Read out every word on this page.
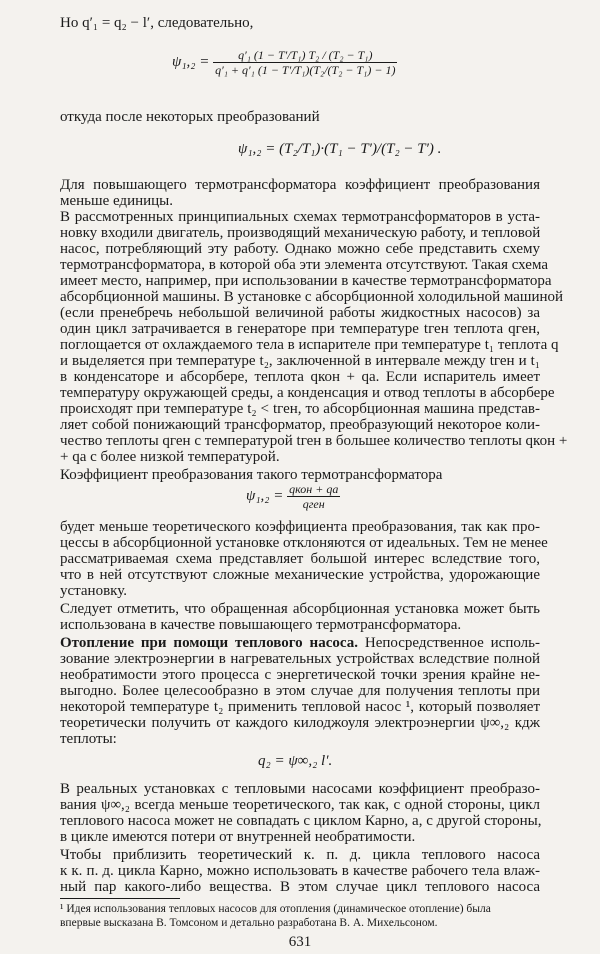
Но q′₁ = q₂ − l′, следовательно,
$\psi_1,_2 = \frac{\text{q′₁ (1 − T′/T₁) T₂ / (T₂ − T₁)}}{\text{q′₁ + q′₁ (1 − T′/T₁)(T₂/(T₂ − T₁) − 1)}}$
откуда после некоторых преобразований
ψ₁,₂ = (T₂/T₁)·(T₁ − T′)/(T₂ − T′) .
Для повышающего термотрансформатора коэффициент преобразования
меньше единицы.
В рассмотренных принципиальных схемах термотрансформаторов в уста-
новку входили двигатель, производящий механическую работу, и тепловой
насос, потребляющий эту работу. Однако можно себе представить схему
термотрансформатора, в которой оба эти элемента отсутствуют. Такая схема
имеет место, например, при использовании в качестве термотрансформатора
абсорбционной машины. В установке с абсорбционной холодильной машиной
(если пренебречь небольшой величиной работы жидкостных насосов) за
один цикл затрачивается в генераторе при температуре tген теплота qген,
поглощается от охлаждаемого тела в испарителе при температуре t₁ теплота q
и выделяется при температуре t₂, заключенной в интервале между tген и t₁
в конденсаторе и абсорбере, теплота qкон + qа. Если испаритель имеет
температуру окружающей среды, а конденсация и отвод теплоты в абсорбере
происходят при температуре t₂ < tген, то абсорбционная машина представ-
ляет собой понижающий трансформатор, преобразующий некоторое коли-
чество теплоты qген с температурой tген в большее количество теплоты qкон +
+ qа с более низкой температурой.
Коэффициент преобразования такого термотрансформатора
$\psi_1,_2 = \frac{\text{qкон + qа}}{\text{qген}}$
будет меньше теоретического коэффициента преобразования, так как про-
цессы в абсорбционной установке отклоняются от идеальных. Тем не менее
рассматриваемая схема представляет большой интерес вследствие того,
что в ней отсутствуют сложные механические устройства, удорожающие
установку.
Следует отметить, что обращенная абсорбционная установка может быть
использована в качестве повышающего термотрансформатора.
Отопление при помощи теплового насоса. Непосредственное исполь-
зование электроэнергии в нагревательных устройствах вследствие полной
необратимости этого процесса с энергетической точки зрения крайне не-
выгодно. Более целесообразно в этом случае для получения теплоты при
некоторой температуре t₂ применить тепловой насос ¹, который позволяет
теоретически получить от каждого килоджоуля электроэнергии ψ∞,₂ кдж
теплоты:
q₂ = ψ∞,₂ l′.
В реальных установках с тепловыми насосами коэффициент преобразо-
вания ψ∞,₂ всегда меньше теоретического, так как, с одной стороны, цикл
теплового насоса может не совпадать с циклом Карно, а, с другой стороны,
в цикле имеются потери от внутренней необратимости.
Чтобы приблизить теоретический к. п. д. цикла теплового насоса
к к. п. д. цикла Карно, можно использовать в качестве рабочего тела влаж-
ный пар какого-либо вещества. В этом случае цикл теплового насоса
¹ Идея использования тепловых насосов для отопления (динамическое отопление) была
впервые высказана В. Томсоном и детально разработана В. А. Михельсоном.
631
